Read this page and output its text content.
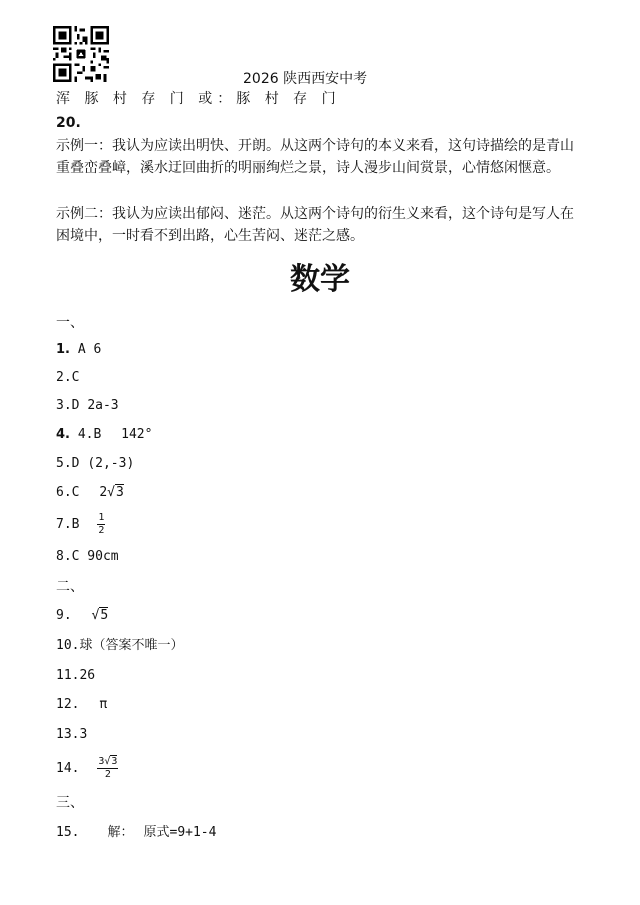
2026 陕西西安中考
浑 豚 村 存 门 或：豚 村 存 门
20.
示例一：我认为应读出明快、开朗。从这两个诗句的本义来看，这句诗描绘的是青山重叠峦叠嶂，溪水迂回曲折的明丽绚烂之景，诗人漫步山间赏景，心情悠闲惬意。
示例二：我认为应读出郁闷、迷茫。从这两个诗句的衍生义来看，这个诗句是写人在困境中，一时看不到出路，心生苦闷、迷茫之感。
数学
一、
1. A 6
2.C
3.D 2a-3
4. 4.B 142°
5.D (2,-3)
6.C 2√3
$7.B \frac{1}{2}$
8.C 90cm
二、
9. √5
10.球（答案不唯一）
11.26
12. π
13.3
14. $\frac{3√3}{2}$
三、
15. 解： 原式=9+1-4
